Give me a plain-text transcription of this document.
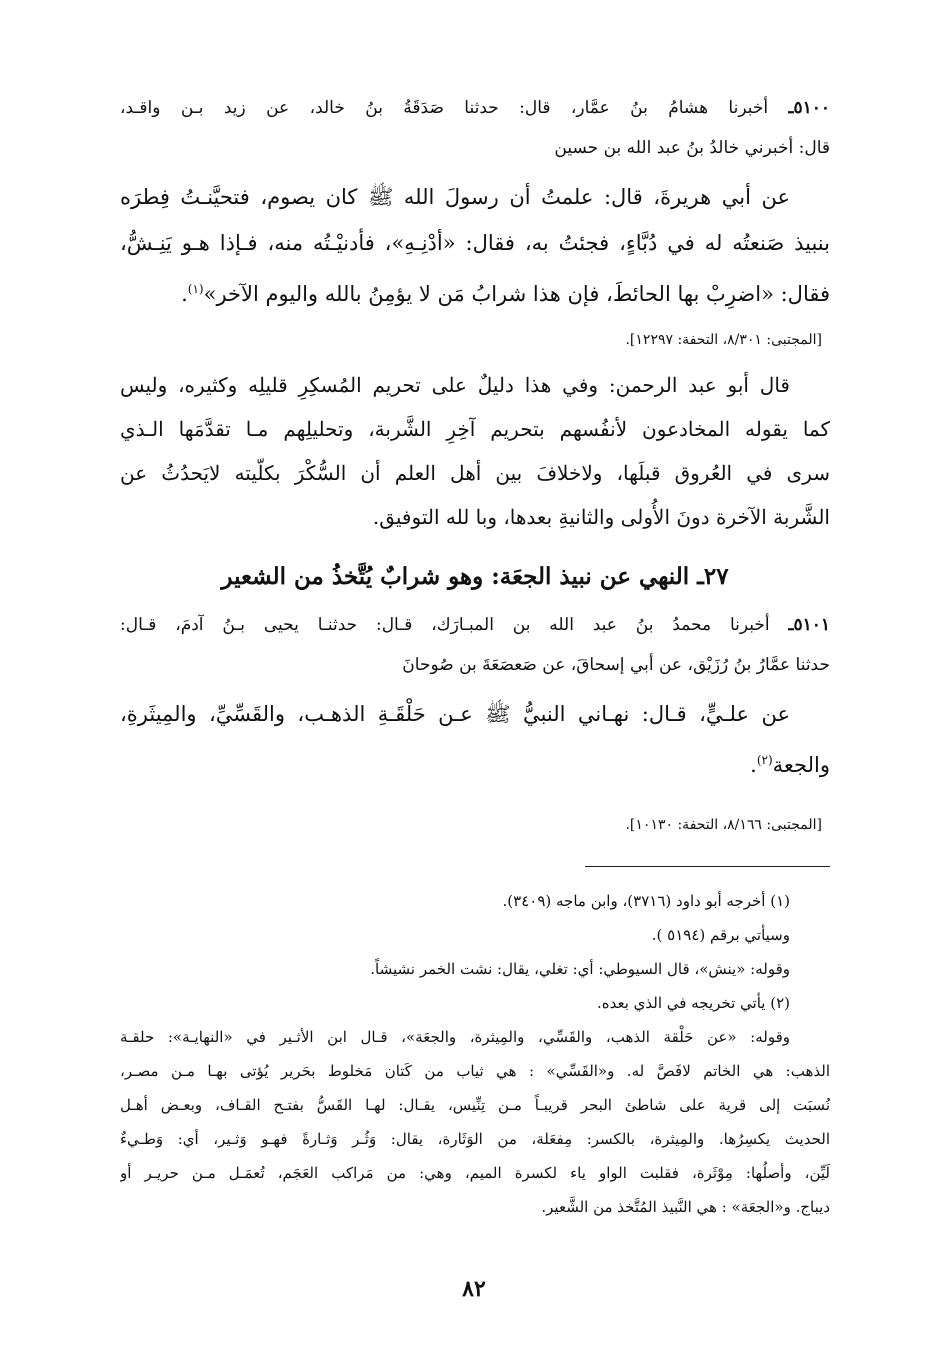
٥١٠٠ـ أخبرنا هشامُ بنُ عمَّار، قال: حدثنا صَدَقَةُ بنُ خالد، عن زيد بـن واقـد،
قال: أخبرني خالدُ بنُ عبد الله بن حسين
عن أبي هريرةَ، قال: علمتُ أن رسولَ الله ﷺ كان يصوم، فتحيَّنـتُ فِطرَه
بنبيذ صَنعتُه له في دُبَّاءٍ، فجئتُ به، فقال: «أدْنِـهِ»، فأدنيْـتُه منه، فـإذا هـو يَنِـشُّ،
فقال: «اضرِبْ بها الحائطَ، فإن هذا شرابُ مَن لا يؤمِنُ بالله واليوم الآخر»$^{(١)}$.
[المجتبى: ٨/٣٠١، التحفة: ١٢٢٩٧].
قال أبو عبد الرحمن: وفي هذا دليلٌ على تحريم المُسكِرِ قليلِه وكثيره، وليس
كما يقوله المخادعون لأنفُسهم بتحريم آخِرِ الشَّربة، وتحليلِهم مـا تقدَّمَها الـذي
سرى في العُروق قبلَها، ولاخلافَ بين أهل العلم أن السُّكْرَ بكلّيته لايَحدُثُ عن
الشَّربة الآخرة دونَ الأُولى والثانيةِ بعدها، وبا لله التوفيق.
٢٧ـ النهي عن نبيذ الجعَة: وهو شرابٌ يُتَّخذُ من الشعير
٥١٠١ـ أخبرنا محمدُ بنُ عبد الله بن المبـارَك، قـال: حدثنـا يحيى بـنُ آدمَ، قـال:
حدثنا عمَّارُ بنُ رُزَيْق، عن أبي إسحاقَ، عن صَعصَعَةَ بن صُوحانَ
عن علـيٍّ، قـال: نهـاني النبيُّ ﷺ عـن حَلْقَـةِ الذهـب، والقَسِّيِّ، والمِيثَرةِ،
والجعة$^{(٢)}$.
[المجتبى: ٨/١٦٦، التحفة: ١٠١٣٠].
(١) أخرجه أبو داود (٣٧١٦)، وابن ماجه (٣٤٠٩).
وسيأتي برقم (٥١٩٤ ).
وقوله: «ينش»، قال السيوطي: أي: تغلي، يقال: نشت الخمر نشيشاً.
(٢) يأتي تخريجه في الذي بعده.
وقوله: «عن حَلْقة الذهب، والقَسِّي، والمِيثرة، والجعَة»، قـال ابن الأثـير في «النهايـة»: حلقـة
الذهب: هي الخاتم لافَصَّ له. و«القَسِّي» : هي ثياب من كَتان مَخلوط بحَرير يُؤتى بهـا مـن مصـر،
نُسبَت إلى قرية على شاطئ البحر قريبـاً مـن تِنِّيس، يقـال: لهـا القَسُّ بفتـح القـاف، وبعـض أهـل
الحديث يكسِرُها. والمِيثرة، بالكسر: مِفعَلة، من الوَثَارة، يقال: وَثُـر وَثـارةً فهـو وَثـير، أي: وَطـيءٌ
لَيِّن، وأصلُها: مِوْثَرة، فقلبت الواو ياء لكسرة الميم، وهي: من مَراكب العَجَم، تُعمَـل مـن حريـر أو
ديباج. و«الجعَة» : هي النَّبيذ المُتَّخذ من الشَّعير.
٨٢
